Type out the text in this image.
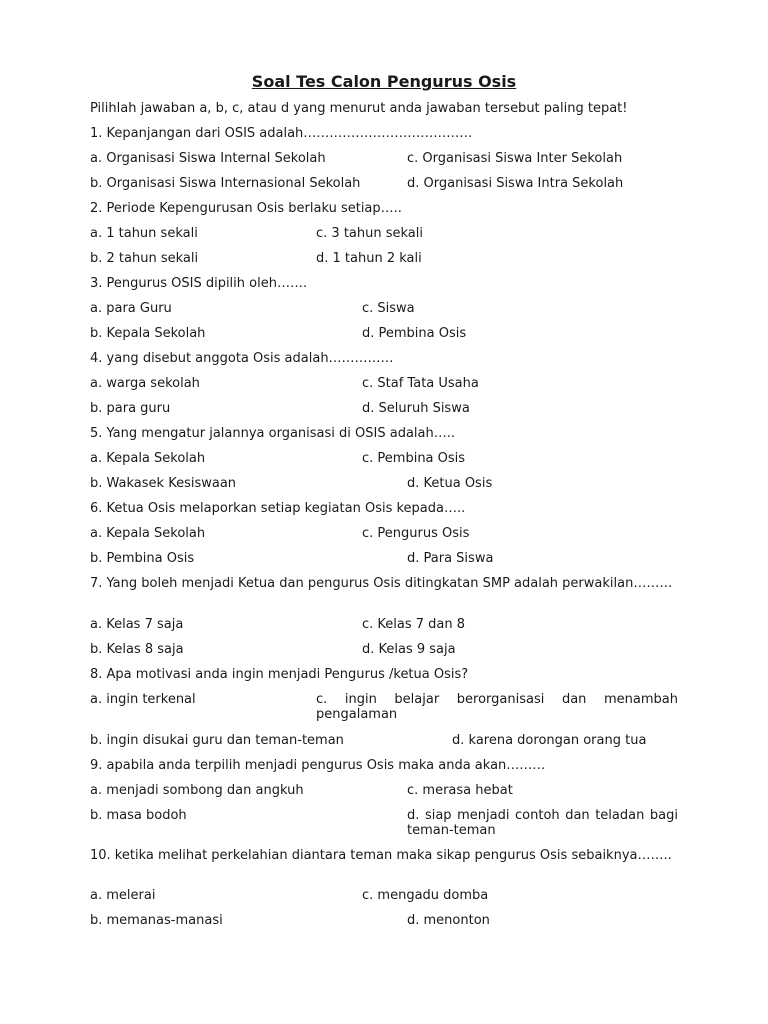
Soal Tes Calon Pengurus Osis
Pilihlah jawaban a, b, c, atau d yang menurut anda jawaban tersebut paling tepat!
1. Kepanjangan dari OSIS adalah…………………………………
a. Organisasi Siswa Internal Sekolah	c. Organisasi Siswa Inter Sekolah
b. Organisasi Siswa Internasional Sekolah	d. Organisasi Siswa Intra Sekolah
2. Periode Kepengurusan Osis berlaku setiap…..
a. 1 tahun sekali	c. 3 tahun sekali
b. 2 tahun sekali	d. 1 tahun 2 kali
3. Pengurus OSIS dipilih oleh…….
a. para Guru	c. Siswa
b. Kepala Sekolah	d. Pembina Osis
4. yang disebut anggota Osis adalah……………
a. warga sekolah	c. Staf Tata Usaha
b. para guru	d. Seluruh Siswa
5. Yang mengatur jalannya organisasi di OSIS adalah…..
a. Kepala Sekolah	c. Pembina Osis
b. Wakasek Kesiswaan	d. Ketua Osis
6. Ketua Osis melaporkan setiap kegiatan Osis kepada…..
a. Kepala Sekolah	c. Pengurus Osis
b. Pembina Osis	d. Para Siswa
7. Yang boleh menjadi Ketua dan pengurus Osis ditingkatan SMP adalah perwakilan………
a. Kelas 7 saja	c. Kelas 7 dan 8
b. Kelas 8 saja	d. Kelas 9 saja
8. Apa motivasi anda ingin menjadi Pengurus /ketua Osis?
a. ingin terkenal	c. ingin belajar berorganisasi dan menambah pengalaman
b. ingin disukai guru dan teman-teman	d. karena dorongan orang tua
9. apabila anda terpilih menjadi pengurus Osis maka anda akan………
a. menjadi sombong dan angkuh	c. merasa hebat
b. masa bodoh	d. siap menjadi contoh dan teladan bagi teman-teman
10. ketika melihat perkelahian diantara teman maka sikap pengurus Osis sebaiknya……..
a. melerai	c. mengadu domba
b. memanas-manasi	d. menonton
